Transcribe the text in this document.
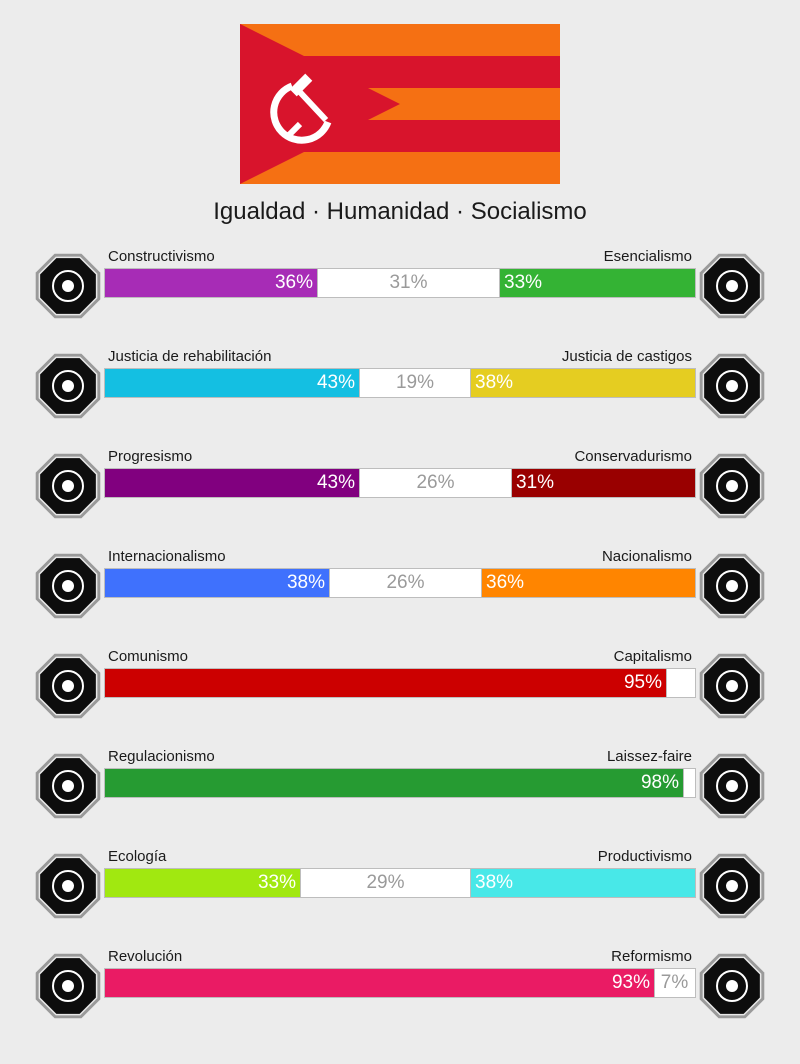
Igualdad · Humanidad · Socialismo
Constructivismo	Esencialismo
36%	31%	33%
Justicia de rehabilitación	Justicia de castigos
43%	19%	38%
Progresismo	Conservadurismo
43%	26%	31%
Internacionalismo	Nacionalismo
38%	26%	36%
Comunismo	Capitalismo
95%
Regulacionismo	Laissez-faire
98%
Ecología	Productivismo
33%	29%	38%
Revolución	Reformismo
93% 7%
